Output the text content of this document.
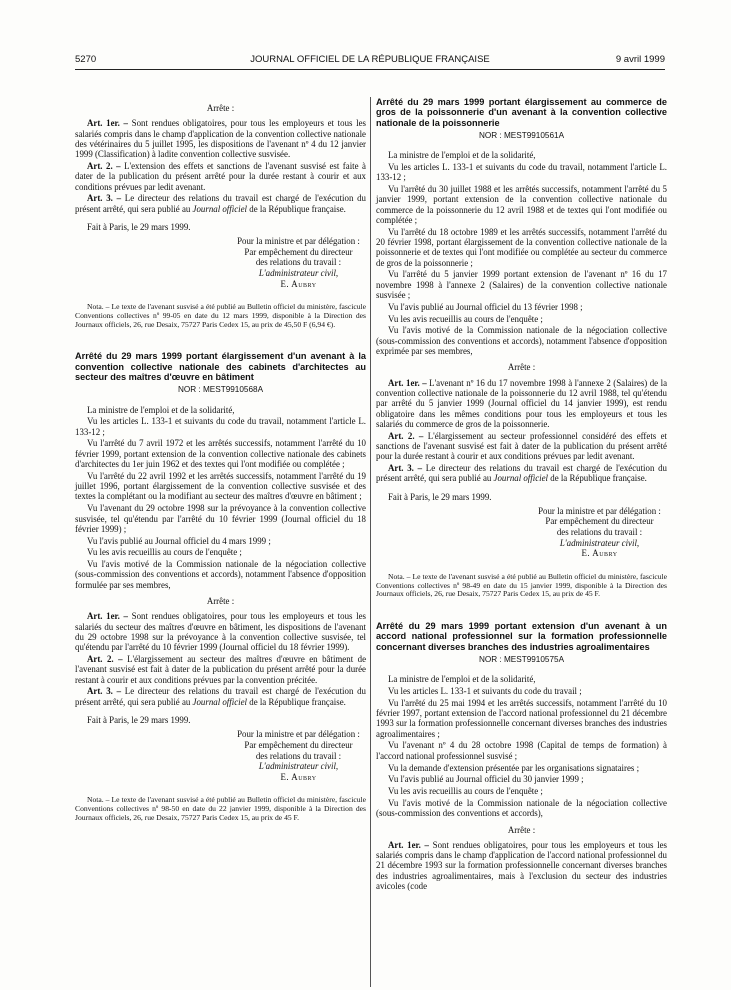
5270	JOURNAL OFFICIEL DE LA RÉPUBLIQUE FRANÇAISE	9 avril 1999

Arrête :

Art. 1er. – Sont rendues obligatoires, pour tous les employeurs et tous les salariés compris dans le champ d'application de la convention collective nationale des vétérinaires du 5 juillet 1995, les dispositions de l'avenant nº 4 du 12 janvier 1999 (Classification) à ladite convention collective susvisée.

Art. 2. – L'extension des effets et sanctions de l'avenant susvisé est faite à dater de la publication du présent arrêté pour la durée restant à courir et aux conditions prévues par ledit avenant.

Art. 3. – Le directeur des relations du travail est chargé de l'exécution du présent arrêté, qui sera publié au Journal officiel de la République française.

Fait à Paris, le 29 mars 1999.

Pour la ministre et par délégation :
Par empêchement du directeur
des relations du travail :
L'administrateur civil,
E. Aubry

Nota. – Le texte de l'avenant susvisé a été publié au Bulletin officiel du ministère, fascicule Conventions collectives nº 99-05 en date du 12 mars 1999, disponible à la Direction des Journaux officiels, 26, rue Desaix, 75727 Paris Cedex 15, au prix de 45,50 F (6,94 €).

Arrêté du 29 mars 1999 portant élargissement d'un avenant à la convention collective nationale des cabinets d'architectes au secteur des maîtres d'œuvre en bâtiment

NOR : MEST9910568A

La ministre de l'emploi et de la solidarité,

Vu les articles L. 133-1 et suivants du code du travail, notamment l'article L. 133-12 ;

Vu l'arrêté du 7 avril 1972 et les arrêtés successifs, notamment l'arrêté du 10 février 1999, portant extension de la convention collective nationale des cabinets d'architectes du 1er juin 1962 et des textes qui l'ont modifiée ou complétée ;

Vu l'arrêté du 22 avril 1992 et les arrêtés successifs, notamment l'arrêté du 19 juillet 1996, portant élargissement de la convention collective susvisée et des textes la complétant ou la modifiant au secteur des maîtres d'œuvre en bâtiment ;

Vu l'avenant du 29 octobre 1998 sur la prévoyance à la convention collective susvisée, tel qu'étendu par l'arrêté du 10 février 1999 (Journal officiel du 18 février 1999) ;

Vu l'avis publié au Journal officiel du 4 mars 1999 ;

Vu les avis recueillis au cours de l'enquête ;

Vu l'avis motivé de la Commission nationale de la négociation collective (sous-commission des conventions et accords), notamment l'absence d'opposition formulée par ses membres,

Arrête :

Art. 1er. – Sont rendues obligatoires, pour tous les employeurs et tous les salariés du secteur des maîtres d'œuvre en bâtiment, les dispositions de l'avenant du 29 octobre 1998 sur la prévoyance à la convention collective susvisée, tel qu'étendu par l'arrêté du 10 février 1999 (Journal officiel du 18 février 1999).

Art. 2. – L'élargissement au secteur des maîtres d'œuvre en bâtiment de l'avenant susvisé est fait à dater de la publication du présent arrêté pour la durée restant à courir et aux conditions prévues par la convention précitée.

Art. 3. – Le directeur des relations du travail est chargé de l'exécution du présent arrêté, qui sera publié au Journal officiel de la République française.

Fait à Paris, le 29 mars 1999.

Pour la ministre et par délégation :
Par empêchement du directeur
des relations du travail :
L'administrateur civil,
E. Aubry

Nota. – Le texte de l'avenant susvisé a été publié au Bulletin officiel du ministère, fascicule Conventions collectives nº 98-50 en date du 22 janvier 1999, disponible à la Direction des Journaux officiels, 26, rue Desaix, 75727 Paris Cedex 15, au prix de 45 F.

Arrêté du 29 mars 1999 portant élargissement au commerce de gros de la poissonnerie d'un avenant à la convention collective nationale de la poissonnerie

NOR : MEST9910561A

La ministre de l'emploi et de la solidarité,

Vu les articles L. 133-1 et suivants du code du travail, notamment l'article L. 133-12 ;

Vu l'arrêté du 30 juillet 1988 et les arrêtés successifs, notamment l'arrêté du 5 janvier 1999, portant extension de la convention collective nationale du commerce de la poissonnerie du 12 avril 1988 et de textes qui l'ont modifiée ou complétée ;

Vu l'arrêté du 18 octobre 1989 et les arrêtés successifs, notamment l'arrêté du 20 février 1998, portant élargissement de la convention collective nationale de la poissonnerie et de textes qui l'ont modifiée ou complétée au secteur du commerce de gros de la poissonnerie ;

Vu l'arrêté du 5 janvier 1999 portant extension de l'avenant nº 16 du 17 novembre 1998 à l'annexe 2 (Salaires) de la convention collective nationale susvisée ;

Vu l'avis publié au Journal officiel du 13 février 1998 ;

Vu les avis recueillis au cours de l'enquête ;

Vu l'avis motivé de la Commission nationale de la négociation collective (sous-commission des conventions et accords), notamment l'absence d'opposition exprimée par ses membres,

Arrête :

Art. 1er. – L'avenant nº 16 du 17 novembre 1998 à l'annexe 2 (Salaires) de la convention collective nationale de la poissonnerie du 12 avril 1988, tel qu'étendu par arrêté du 5 janvier 1999 (Journal officiel du 14 janvier 1999), est rendu obligatoire dans les mêmes conditions pour tous les employeurs et tous les salariés du commerce de gros de la poissonnerie.

Art. 2. – L'élargissement au secteur professionnel considéré des effets et sanctions de l'avenant susvisé est fait à dater de la publication du présent arrêté pour la durée restant à courir et aux conditions prévues par ledit avenant.

Art. 3. – Le directeur des relations du travail est chargé de l'exécution du présent arrêté, qui sera publié au Journal officiel de la République française.

Fait à Paris, le 29 mars 1999.

Pour la ministre et par délégation :
Par empêchement du directeur
des relations du travail :
L'administrateur civil,
E. Aubry

Nota. – Le texte de l'avenant susvisé a été publié au Bulletin officiel du ministère, fascicule Conventions collectives nº 98-49 en date du 15 janvier 1999, disponible à la Direction des Journaux officiels, 26, rue Desaix, 75727 Paris Cedex 15, au prix de 45 F.

Arrêté du 29 mars 1999 portant extension d'un avenant à un accord national professionnel sur la formation professionnelle concernant diverses branches des industries agroalimentaires

NOR : MEST9910575A

La ministre de l'emploi et de la solidarité,

Vu les articles L. 133-1 et suivants du code du travail ;

Vu l'arrêté du 25 mai 1994 et les arrêtés successifs, notamment l'arrêté du 10 février 1997, portant extension de l'accord national professionnel du 21 décembre 1993 sur la formation professionnelle concernant diverses branches des industries agroalimentaires ;

Vu l'avenant nº 4 du 28 octobre 1998 (Capital de temps de formation) à l'accord national professionnel susvisé ;

Vu la demande d'extension présentée par les organisations signataires ;

Vu l'avis publié au Journal officiel du 30 janvier 1999 ;

Vu les avis recueillis au cours de l'enquête ;

Vu l'avis motivé de la Commission nationale de la négociation collective (sous-commission des conventions et accords),

Arrête :

Art. 1er. – Sont rendues obligatoires, pour tous les employeurs et tous les salariés compris dans le champ d'application de l'accord national professionnel du 21 décembre 1993 sur la formation professionnelle concernant diverses branches des industries agroalimentaires, mais à l'exclusion du secteur des industries avicoles (code
